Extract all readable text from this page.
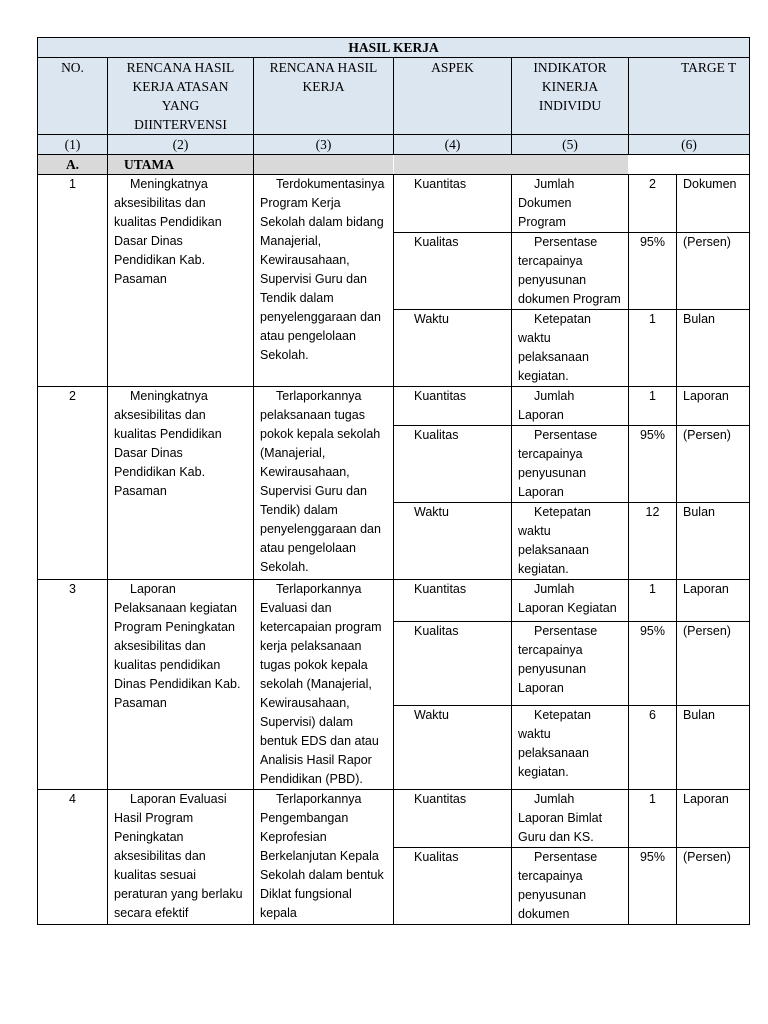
HASIL KERJA						
NO.	RENCANA HASIL KERJA ATASAN YANG DIINTERVENSI	RENCANA HASIL KERJA	ASPEK	INDIKATOR KINERJA INDIVIDU	TARGE T	
(1)	(2)	(3)	(4)	(5)	(6)	
A.	UTAMA					
1	Meningkatnya aksesibilitas dan kualitas Pendidikan Dasar Dinas Pendidikan Kab. Pasaman	Terdokumentasinya Program Kerja Sekolah dalam bidang Manajerial, Kewirausahaan, Supervisi Guru dan Tendik dalam penyelenggaraan dan atau pengelolaan Sekolah.	Kuantitas	Jumlah Dokumen Program	2	Dokumen
			Kualitas	Persentase tercapainya penyusunan dokumen Program	95%	(Persen)
			Waktu	Ketepatan waktu pelaksanaan kegiatan.	1	Bulan
2	Meningkatnya aksesibilitas dan kualitas Pendidikan Dasar Dinas Pendidikan Kab. Pasaman	Terlaporkannya pelaksanaan tugas pokok kepala sekolah (Manajerial, Kewirausahaan, Supervisi Guru dan Tendik) dalam penyelenggaraan dan atau pengelolaan Sekolah.	Kuantitas	Jumlah Laporan	1	Laporan
			Kualitas	Persentase tercapainya penyusunan Laporan	95%	(Persen)
			Waktu	Ketepatan waktu pelaksanaan kegiatan.	12	Bulan
3	Laporan Pelaksanaan kegiatan Program Peningkatan aksesibilitas dan kualitas pendidikan Dinas Pendidikan Kab. Pasaman	Terlaporkannya Evaluasi dan ketercapaian program kerja pelaksanaan tugas pokok kepala sekolah (Manajerial, Kewirausahaan, Supervisi) dalam bentuk EDS dan atau Analisis Hasil Rapor Pendidikan (PBD).	Kuantitas	Jumlah Laporan Kegiatan	1	Laporan
			Kualitas	Persentase tercapainya penyusunan Laporan	95%	(Persen)
			Waktu	Ketepatan waktu pelaksanaan kegiatan.	6	Bulan
4	Laporan Evaluasi Hasil Program Peningkatan aksesibilitas dan kualitas sesuai peraturan yang berlaku secara efektif	Terlaporkannya Pengembangan Keprofesian Berkelanjutan Kepala Sekolah dalam bentuk Diklat fungsional kepala	Kuantitas	Jumlah Laporan Bimlat Guru dan KS.	1	Laporan
			Kualitas	Persentase tercapainya penyusunan dokumen	95%	(Persen)
